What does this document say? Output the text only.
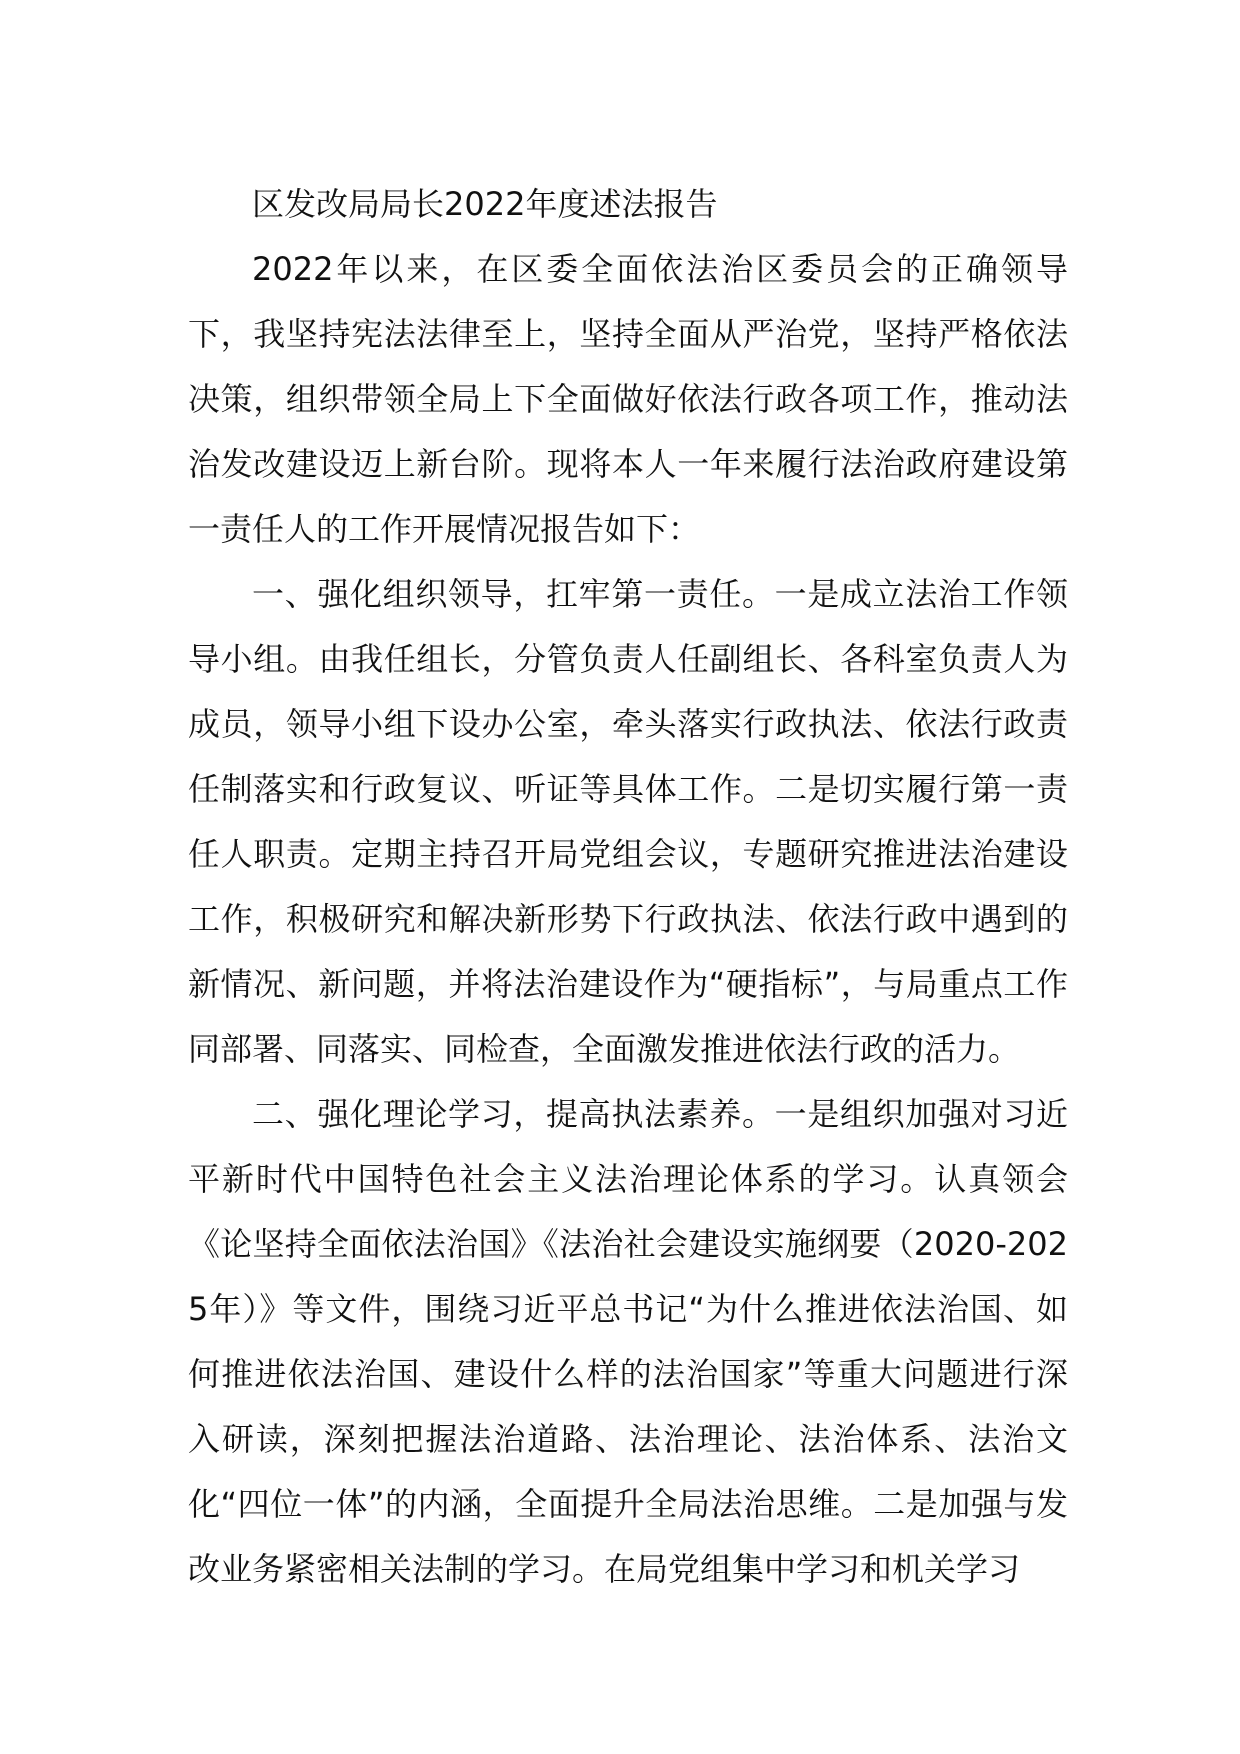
区发改局局长2022年度述法报告

2022年以来，在区委全面依法治区委员会的正确领导下，我坚持宪法法律至上，坚持全面从严治党，坚持严格依法决策，组织带领全局上下全面做好依法行政各项工作，推动法治发改建设迈上新台阶。现将本人一年来履行法治政府建设第一责任人的工作开展情况报告如下：

一、强化组织领导，扛牢第一责任。一是成立法治工作领导小组。由我任组长，分管负责人任副组长、各科室负责人为成员，领导小组下设办公室，牵头落实行政执法、依法行政责任制落实和行政复议、听证等具体工作。二是切实履行第一责任人职责。定期主持召开局党组会议，专题研究推进法治建设工作，积极研究和解决新形势下行政执法、依法行政中遇到的新情况、新问题，并将法治建设作为“硬指标”，与局重点工作同部署、同落实、同检查，全面激发推进依法行政的活力。

二、强化理论学习，提高执法素养。一是组织加强对习近平新时代中国特色社会主义法治理论体系的学习。认真领会《论坚持全面依法治国》《法治社会建设实施纲要（2020-2025年）》等文件，围绕习近平总书记“为什么推进依法治国、如何推进依法治国、建设什么样的法治国家”等重大问题进行深入研读，深刻把握法治道路、法治理论、法治体系、法治文化“四位一体”的内涵，全面提升全局法治思维。二是加强与发改业务紧密相关法制的学习。在局党组集中学习和机关学习
